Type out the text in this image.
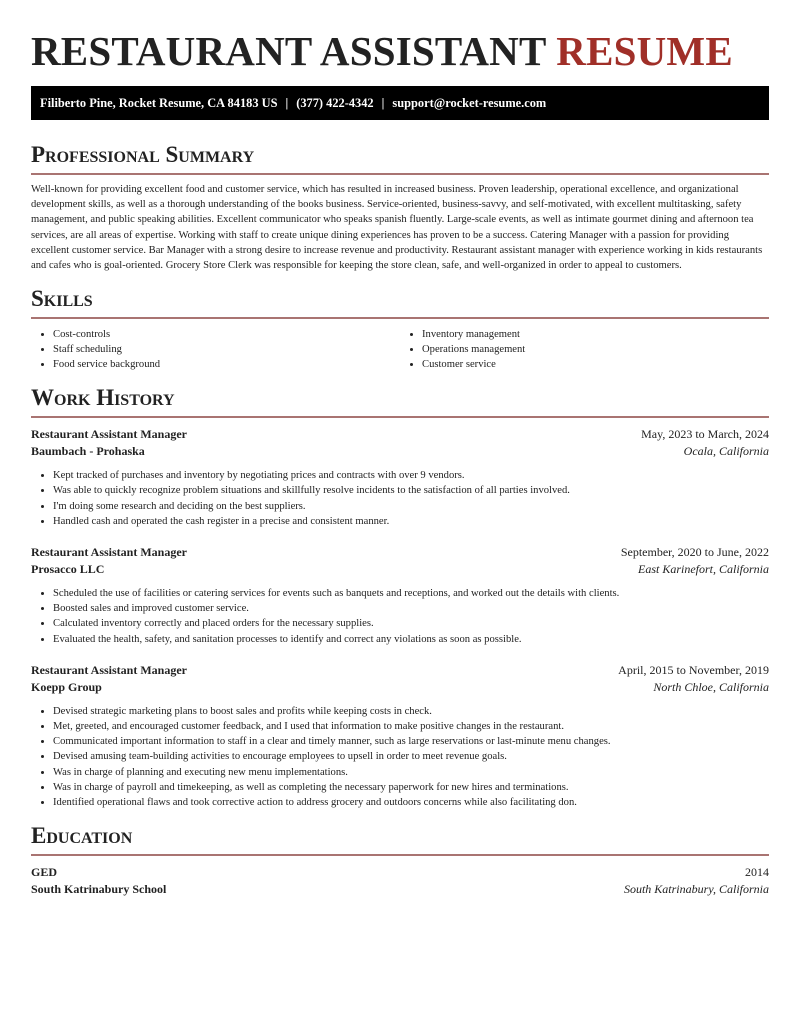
RESTAURANT ASSISTANT RESUME
Filiberto Pine, Rocket Resume, CA 84183 US | (377) 422-4342 | support@rocket-resume.com
Professional Summary

Well-known for providing excellent food and customer service, which has resulted in increased business. Proven leadership, operational excellence, and organizational development skills, as well as a thorough understanding of the books business. Service-oriented, business-savvy, and self-motivated, with excellent multitasking, safety management, and public speaking abilities. Excellent communicator who speaks spanish fluently. Large-scale events, as well as intimate gourmet dining and afternoon tea services, are all areas of expertise. Working with staff to create unique dining experiences has proven to be a success. Catering Manager with a passion for providing excellent customer service. Bar Manager with a strong desire to increase revenue and productivity. Restaurant assistant manager with experience working in kids restaurants and cafes who is goal-oriented. Grocery Store Clerk was responsible for keeping the store clean, safe, and well-organized in order to appeal to customers.

Skills
• Cost-controls
• Staff scheduling
• Food service background
• Inventory management
• Operations management
• Customer service
Work History
Restaurant Assistant Manager	May, 2023 to March, 2024
Baumbach - Prohaska	Ocala, California
• Kept tracked of purchases and inventory by negotiating prices and contracts with over 9 vendors.
• Was able to quickly recognize problem situations and skillfully resolve incidents to the satisfaction of all parties involved.
• I'm doing some research and deciding on the best suppliers.
• Handled cash and operated the cash register in a precise and consistent manner.
Restaurant Assistant Manager	September, 2020 to June, 2022
Prosacco LLC	East Karinefort, California
• Scheduled the use of facilities or catering services for events such as banquets and receptions, and worked out the details with clients.
• Boosted sales and improved customer service.
• Calculated inventory correctly and placed orders for the necessary supplies.
• Evaluated the health, safety, and sanitation processes to identify and correct any violations as soon as possible.
Restaurant Assistant Manager	April, 2015 to November, 2019
Koepp Group	North Chloe, California
• Devised strategic marketing plans to boost sales and profits while keeping costs in check.
• Met, greeted, and encouraged customer feedback, and I used that information to make positive changes in the restaurant.
• Communicated important information to staff in a clear and timely manner, such as large reservations or last-minute menu changes.
• Devised amusing team-building activities to encourage employees to upsell in order to meet revenue goals.
• Was in charge of planning and executing new menu implementations.
• Was in charge of payroll and timekeeping, as well as completing the necessary paperwork for new hires and terminations.
• Identified operational flaws and took corrective action to address grocery and outdoors concerns while also facilitating don.
Education
GED	2014
South Katrinabury School	South Katrinabury, California
